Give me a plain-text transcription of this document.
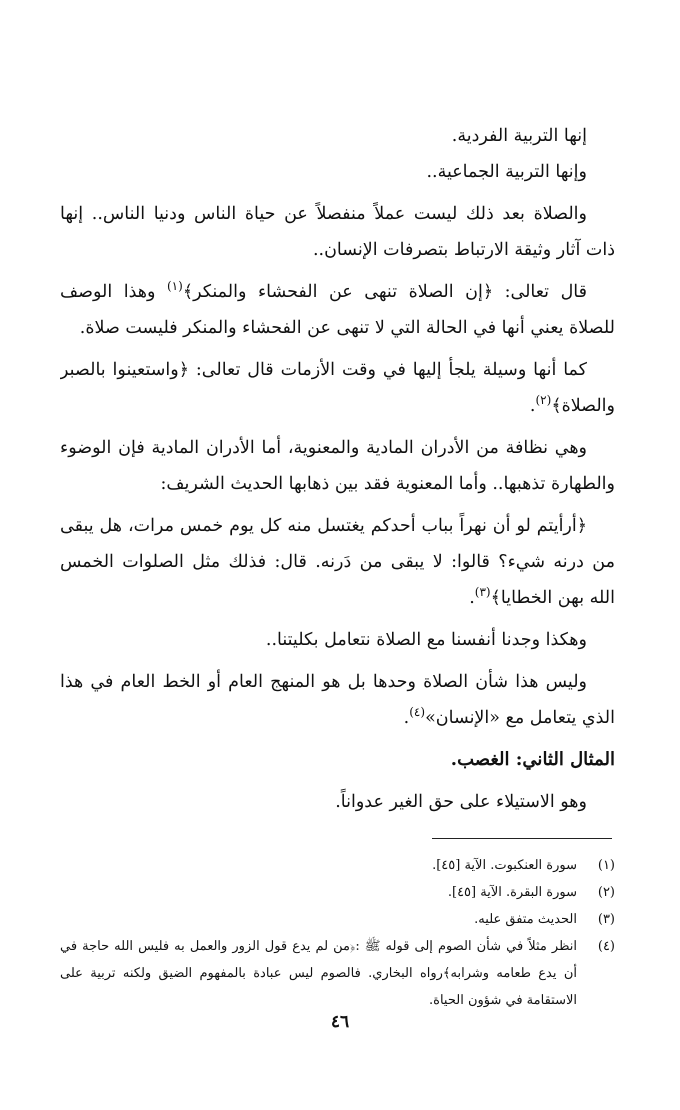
إنها التربية الفردية.
وإنها التربية الجماعية..
والصلاة بعد ذلك ليست عملاً منفصلاً عن حياة الناس ودنيا الناس.. إنها
ذات آثار وثيقة الارتباط بتصرفات الإنسان..
قال تعالى: ﴿إن الصلاة تنهى عن الفحشاء والمنكر﴾$^{(١)}$ وهذا الوصف
للصلاة يعني أنها في الحالة التي لا تنهى عن الفحشاء والمنكر فليست صلاة.
كما أنها وسيلة يلجأ إليها في وقت الأزمات قال تعالى: ﴿واستعينوا بالصبر
والصلاة﴾$^{(٢)}$.
وهي نظافة من الأدران المادية والمعنوية، أما الأدران المادية فإن الوضوء
والطهارة تذهبها.. وأما المعنوية فقد بين ذهابها الحديث الشريف:
﴿أرأيتم لو أن نهراً بباب أحدكم يغتسل منه كل يوم خمس مرات، هل يبقى
من درنه شيء؟ قالوا: لا يبقى من دَرنه. قال: فذلك مثل الصلوات الخمس
الله بهن الخطايا﴾$^{(٣)}$.
وهكذا وجدنا أنفسنا مع الصلاة نتعامل بكليتنا..
وليس هذا شأن الصلاة وحدها بل هو المنهج العام أو الخط العام في هذا
الذي يتعامل مع «الإنسان»$^{(٤)}$.
المثال الثاني: الغصب.
وهو الاستيلاء على حق الغير عدواناً.
(١)
سورة العنكبوت. الآية [٤٥].
(٢)
سورة البقرة. الآية [٤٥].
(٣)
الحديث متفق عليه.
(٤)
انظر مثلاً في شأن الصوم إلى قوله ﷺ :﴿من لم يدع قول الزور والعمل به فليس الله حاجة في
أن يدع طعامه وشرابه﴾رواه البخاري. فالصوم ليس عبادة بالمفهوم الضيق ولكنه تربية على
الاستقامة في شؤون الحياة.
٤٦
